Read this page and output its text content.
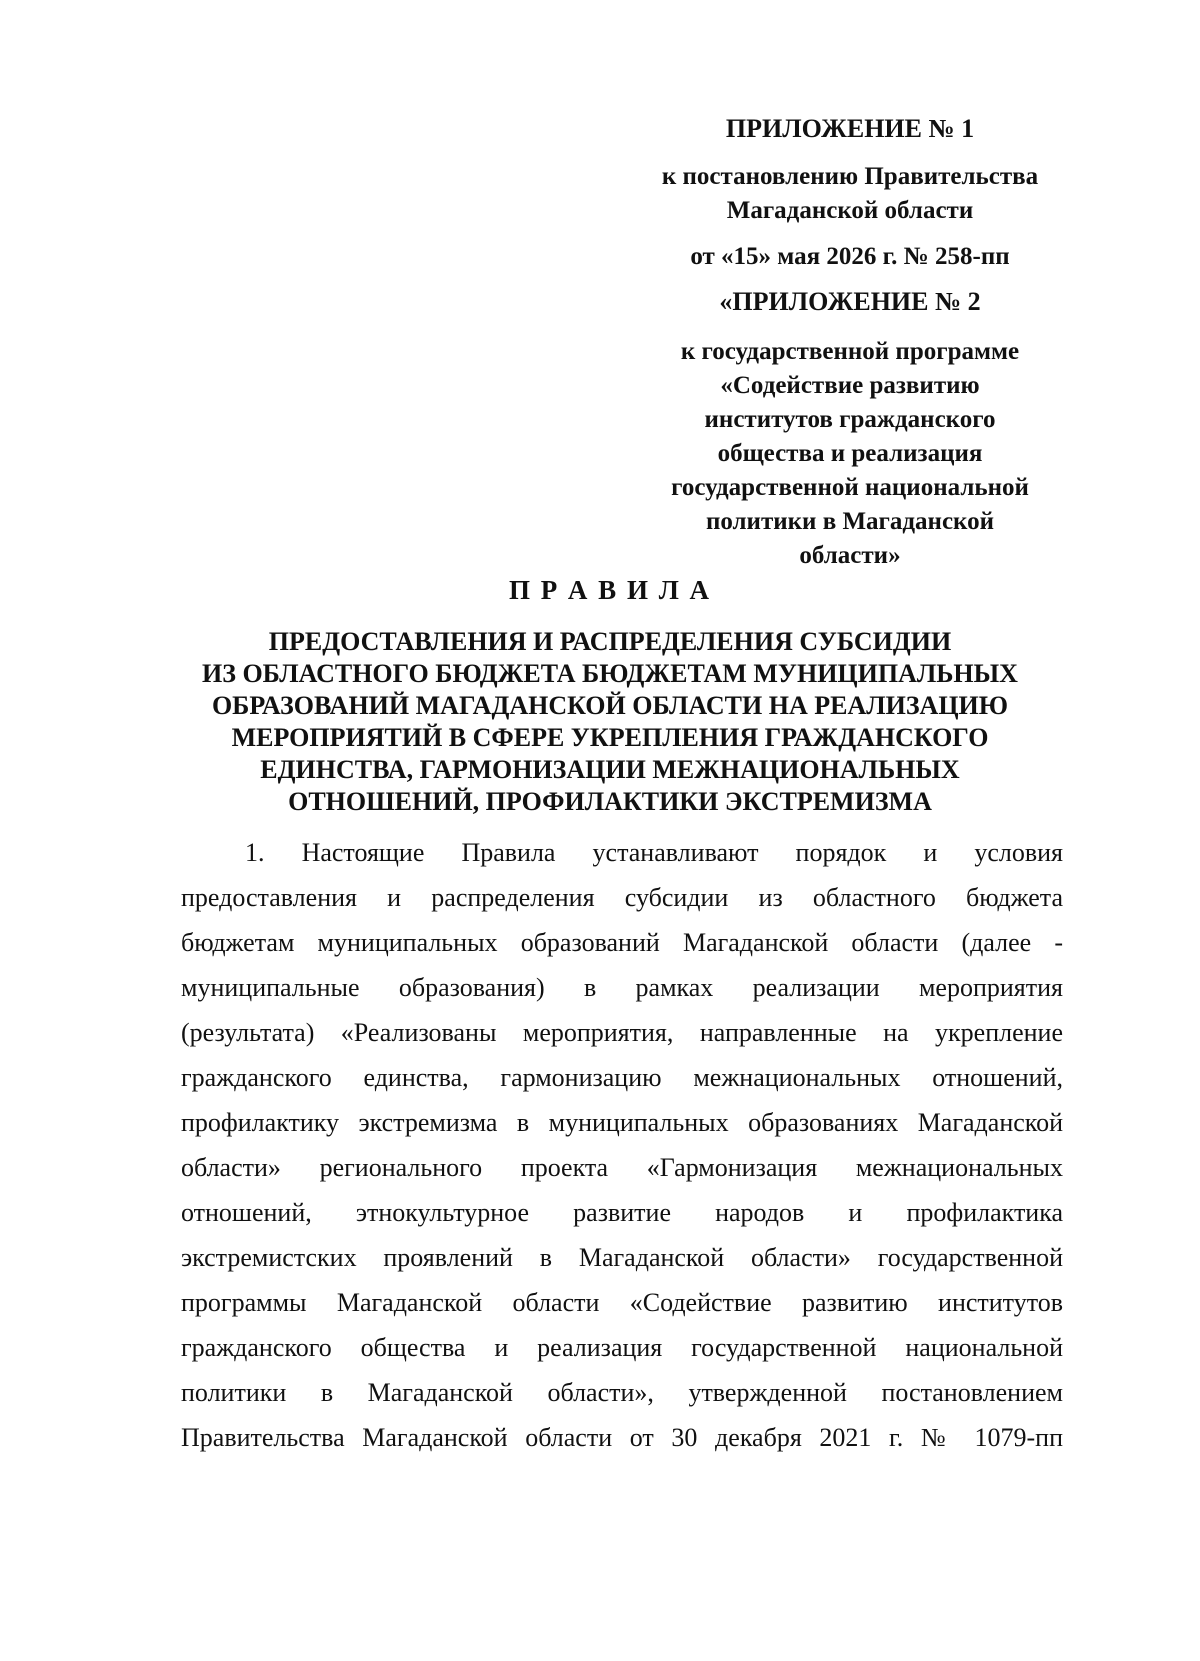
ПРИЛОЖЕНИЕ № 1
к постановлению Правительства
Магаданской области
от «15» мая 2026 г. № 258-пп
«ПРИЛОЖЕНИЕ № 2
к государственной программе
«Содействие развитию
институтов гражданского
общества и реализация
государственной национальной
политики в Магаданской
области»
П Р А В И Л А
ПРЕДОСТАВЛЕНИЯ И РАСПРЕДЕЛЕНИЯ СУБСИДИИ
ИЗ ОБЛАСТНОГО БЮДЖЕТА БЮДЖЕТАМ МУНИЦИПАЛЬНЫХ
ОБРАЗОВАНИЙ МАГАДАНСКОЙ ОБЛАСТИ НА РЕАЛИЗАЦИЮ
МЕРОПРИЯТИЙ В СФЕРЕ УКРЕПЛЕНИЯ ГРАЖДАНСКОГО
ЕДИНСТВА, ГАРМОНИЗАЦИИ МЕЖНАЦИОНАЛЬНЫХ
ОТНОШЕНИЙ, ПРОФИЛАКТИКИ ЭКСТРЕМИЗМА
1. Настоящие Правила устанавливают порядок и условия
предоставления и распределения субсидии из областного бюджета
бюджетам муниципальных образований Магаданской области (далее -
муниципальные образования) в рамках реализации мероприятия
(результата) «Реализованы мероприятия, направленные на укрепление
гражданского единства, гармонизацию межнациональных отношений,
профилактику экстремизма в муниципальных образованиях Магаданской
области» регионального проекта «Гармонизация межнациональных
отношений, этнокультурное развитие народов и профилактика
экстремистских проявлений в Магаданской области» государственной
программы Магаданской области «Содействие развитию институтов
гражданского общества и реализация государственной национальной
политики в Магаданской области», утвержденной постановлением
Правительства Магаданской области от 30 декабря 2021 г. № 1079-пп
